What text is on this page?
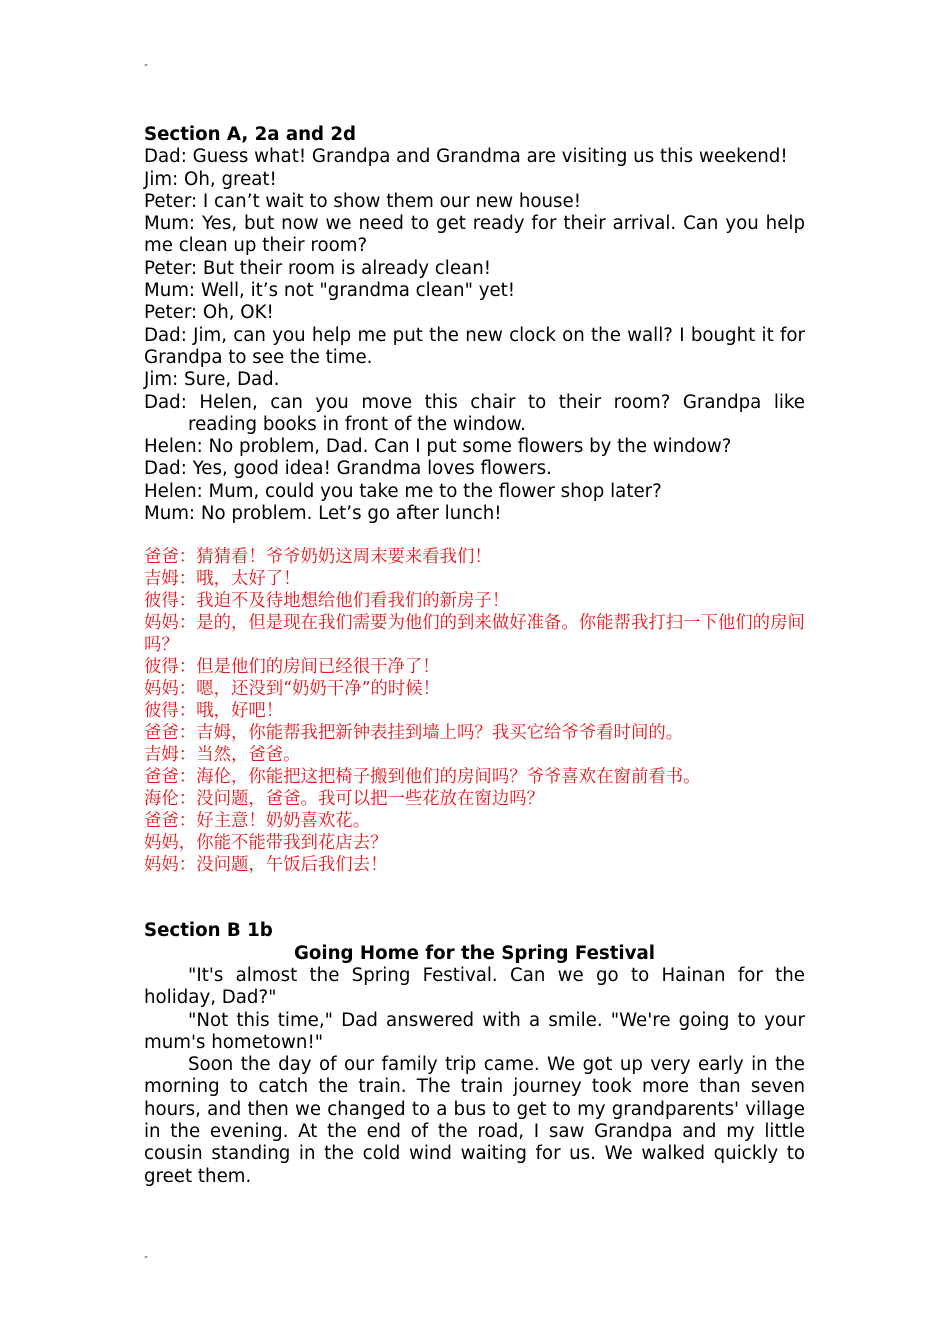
ˮ
Section A, 2a and 2d
Dad: Guess what! Grandpa and Grandma are visiting us this weekend!
Jim: Oh, great!
Peter: I can’t wait to show them our new house!
Mum: Yes, but now we need to get ready for their arrival. Can you help me clean up their room?
Peter: But their room is already clean!
Mum: Well, it’s not "grandma clean" yet!
Peter: Oh, OK!
Dad: Jim, can you help me put the new clock on the wall? I bought it for Grandpa to see the time.
Jim: Sure, Dad.
Dad: Helen, can you move this chair to their room? Grandpa like reading books in front of the window.
Helen: No problem, Dad. Can I put some flowers by the window?
Dad: Yes, good idea! Grandma loves flowers.
Helen: Mum, could you take me to the flower shop later?
Mum: No problem. Let’s go after lunch!
爸爸：猜猜看！爷爷奶奶这周末要来看我们！
吉姆：哦，太好了！
彼得：我迫不及待地想给他们看我们的新房子！
妈妈：是的，但是现在我们需要为他们的到来做好准备。你能帮我打扫一下他们的房间吗？
彼得：但是他们的房间已经很干净了！
妈妈：嗯，还没到“奶奶干净”的时候！
彼得：哦，好吧！
爸爸：吉姆，你能帮我把新钟表挂到墙上吗？我买它给爷爷看时间的。
吉姆：当然，爸爸。
爸爸：海伦，你能把这把椅子搬到他们的房间吗？爷爷喜欢在窗前看书。
海伦：没问题，爸爸。我可以把一些花放在窗边吗？
爸爸：好主意！奶奶喜欢花。
妈妈，你能不能带我到花店去？
妈妈：没问题，午饭后我们去！
Section B 1b
Going Home for the Spring Festival
"It's almost the Spring Festival. Can we go to Hainan for the holiday, Dad?"
"Not this time," Dad answered with a smile. "We're going to your mum's hometown!"
Soon the day of our family trip came. We got up very early in the morning to catch the train. The train journey took more than seven hours, and then we changed to a bus to get to my grandparents' village in the evening. At the end of the road, I saw Grandpa and my little cousin standing in the cold wind waiting for us. We walked quickly to greet them.
ˮ
